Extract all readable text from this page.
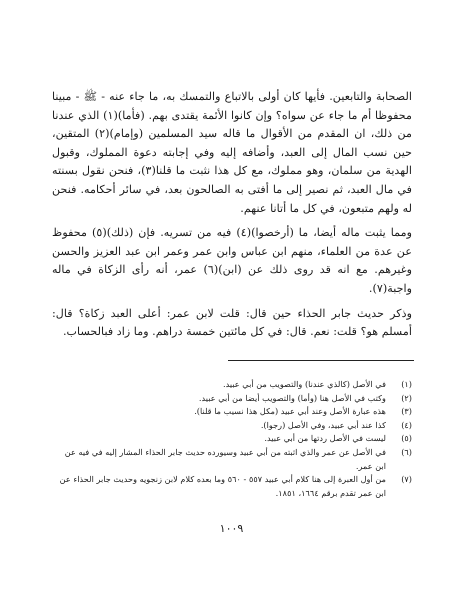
الصحابة والتابعين. فأيها كان أولى بالاتباع والتمسك به، ما جاء عنه - ﷺ - مبينا محفوظا أم ما جاء عن سواه؟ وإن كانوا الأئمة يقتدى بهم. (فأما)(١) الذي عندنا من ذلك، ان المقدم من الأقوال ما قاله سيد المسلمين (وإمام)(٢) المتقين، حين نسب المال إلى العبد، وأضافه إليه وفي إجابته دعوة المملوك، وقبول الهدية من سلمان، وهو مملوك، مع كل هذا نثبت ما قلنا(٣)، فنحن نقول بسنته في مال العبد، ثم نصير إلى ما أفتى به الصالحون بعد، في سائر أحكامه. فنحن له ولهم متبعون، في كل ما أتانا عنهم.

ومما يثبت ماله أيضا، ما (أرخصوا)(٤) فيه من تسريه. فإن (ذلك)(٥) محفوظ عن عدة من العلماء، منهم ابن عباس وابن عمر وعمر ابن عبد العزيز والحسن وغيرهم. مع انه قد روى ذلك عن (ابن)(٦) عمر، أنه رأى الزكاة في ماله واجبة(٧).

وذكر حديث جابر الحذاء حين قال: قلت لابن عمر: أعلى العبد زكاة؟ قال: أمسلم هو؟ قلت: نعم. قال: في كل مائتين خمسة دراهم. وما زاد فبالحساب.

(١)
في الأصل (كالذي عندنا) والتصويب من أبي عبيد.
(٢)
وكتب في الأصل هنا (وأما) والتصويب أيضا من أبي عبيد.
(٣)
هذه عبارة الأصل وعند أبي عبيد (مكل هذا نسيب ما قلنا).
(٤)
كذا عند أبي عبيد، وفي الأصل (رجوا).
(٥)
ليست في الأصل ردتها من أبي عبيد.
(٦)
في الأصل عن عمر والذي اثبته من أبي عبيد وسيورده حديث جابر الحذاء المشار إليه في فيه عن ابن عمر.
(٧)
من أول العبرة إلى هنا كلام أبي عبيد ٥٥٧ - ٥٦٠ وما بعده كلام لابن زنجويه وحديث جابر الحذاء عن ابن عمر تقدم برقم ١٦٦٤، ١٨٥١.
١٠٠٩
